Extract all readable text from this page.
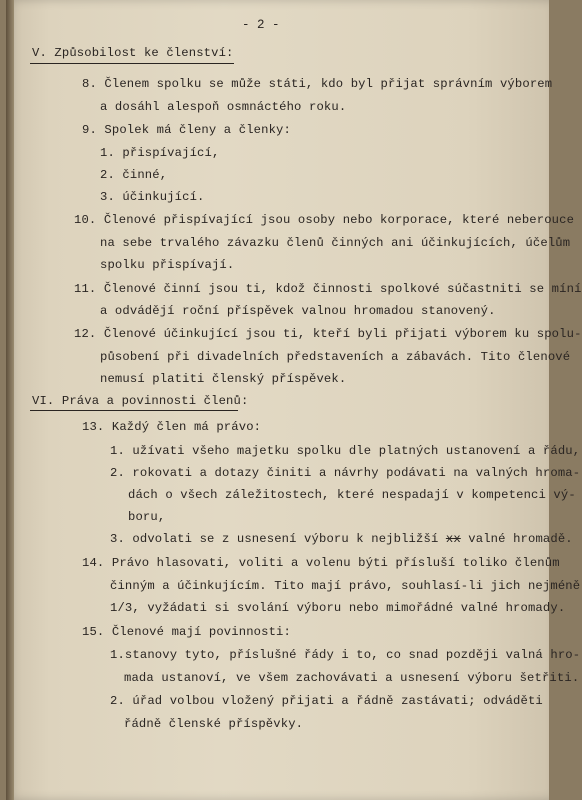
- 2 -
V. Způsobilost ke členství:
8. Členem spolku se může státi, kdo byl přijat správním výborem
a dosáhl alespoň osmnáctého roku.
9. Spolek má členy a členky:
1. přispívající,
2. činné,
3. účinkující.
10. Členové přispívající jsou osoby nebo korporace, které neberouce
na sebe trvalého závazku členů činných ani účinkujících, účelům
spolku přispívají.
11. Členové činní jsou ti, kdož činnosti spolkové súčastniti se míní
a odvádějí roční příspěvek valnou hromadou stanovený.
12. Členové účinkující jsou ti, kteří byli přijati výborem ku spolu-
působení při divadelních představeních a zábavách. Tito členové
nemusí platiti členský příspěvek.
VI. Práva a povinnosti členů:
13. Každý člen má právo:
1. užívati všeho majetku spolku dle platných ustanovení a řádu,
2. rokovati a dotazy činiti a návrhy podávati na valných hroma-
dách o všech záležitostech, které nespadají v kompetenci vý-
boru,
3. odvolati se z usnesení výboru k nejbližší xx valné hromadě.
14. Právo hlasovati, voliti a volenu býti přísluší toliko členům
činným a účinkujícím. Tito mají právo, souhlasí-li jich nejméně
1/3, vyžádati si svolání výboru nebo mimořádné valné hromady.
15. Členové mají povinnosti:
1.stanovy tyto, příslušné řády i to, co snad později valná hro-
mada ustanoví, ve všem zachovávati a usnesení výboru šetřiti.
2. úřad volbou vložený přijati a řádně zastávati; odváděti
řádně členské příspěvky.
